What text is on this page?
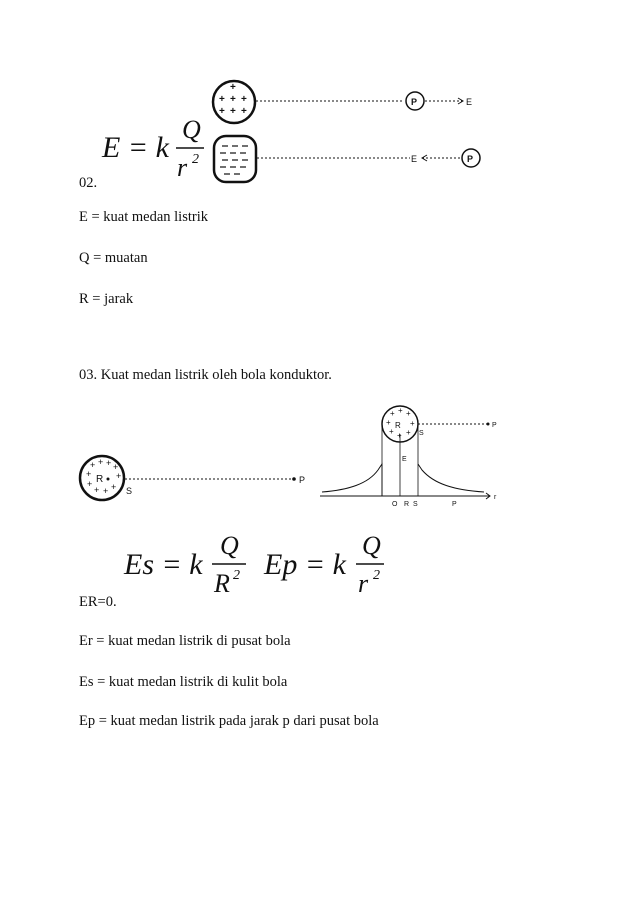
E = k
Q
r 2
+
+ + +
+ + +
P	E
E	P
02.
E = kuat medan listrik
Q = muatan
R = jarak
03. Kuat medan listrik oleh bola konduktor.
+ + + +
+	+
+
+ + +
R
S
P
+ + +
+ +
+ + +
R
S
P
E
O R S	P
r
Es = k
Q
R 2 Ep = k
Q
r 2
ER=0.
Er = kuat medan listrik di pusat bola
Es = kuat medan listrik di kulit bola
Ep = kuat medan listrik pada jarak p dari pusat bola
